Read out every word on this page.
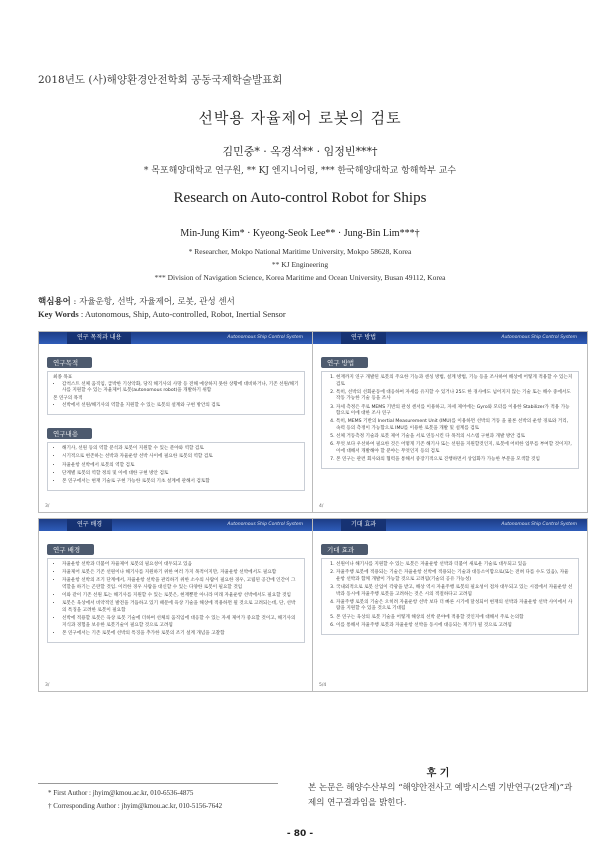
2018년도 (사)해양환경안전학회 공동국제학술발표회
선박용 자율제어 로봇의 검토
김민중* · 옥경석** · 임정빈***†
* 목포해양대학교 연구원, ** KJ 엔지니어링, *** 한국해양대학교 항해학부 교수
Research on Auto-control Robot for Ships
Min-Jung Kim* · Kyeong-Seok Lee** · Jung-Bin Lim***†
* Researcher, Mokpo National Maritime University, Mokpo 58628, Korea
** KJ Engineering
*** Division of Navigation Science, Korea Maritime and Ocean University, Busan 49112, Korea
핵심용어 : 자율운항, 선박, 자율제어, 로봇, 관성 센서
Key Words : Autonomous, Ship, Auto-controlled, Robot, Inertial Sensor
연구 목적과 내용	Autonomous Ship Control System
연구목적
최종 목표
• 감척스트 선체 움직임, 급박한 기상악화, 당직 해기사의 사망 등 전해 예상하지 못한 상황에 대비하거나, 기존 선원/해기사를 지원할 수 있는 자율제어 로봇(autonomous robot)을 개발하기 위함
본 연구의 목적
• 선박에서 선원/해기사의 역할을 지원할 수 있는 로봇의 설계와 구현 방안의 검토
연구내용
• 해기사, 선원 등의 역할 분석과 로봇이 지원할 수 있는 분야와 역할 검토
• 시기적으로 현존하는 선박과 자율운항 선박 사이에 필요한 로봇의 역할 검토
• 자율운항 선박에서 로봇의 역할 검토
• 단계별 로봇의 역할 정의 및 이에 대한 구현 방안 검토
• 본 연구에서는 현재 기술로 구현 가능한 로봇의 기초 설계에 관해서 검토함
3/
연구 방법	Autonomous Ship Control System
연구 방법
1. 현재까지 연구 개발된 로봇의 주요한 기능과 센싱 방법, 설계 방법, 기능 등을 조사하여 해상에 어떻게 적용할 수 있는지 검토
2. 특히, 선박의 선회운동에 대응하여 자세를 유지할 수 있거나 25도 한 경사에도 넘어지지 않는 기술 또는 해수 중에서도 작동 가능한 기술 등을 조사
3. 자세 측정은 주로 MEMS 기반의 관성 센서를 이용하고, 자세 제어에는 Gyro와 모터를 이용한 Stabilizer가 적용 가능함으로 이에 대한 조사 연구
4. 특히, MEMS 기반의 Inertial Measurement Unit (IMU)를 이용하면 선박의 거동 을 물론 선박의 운항 경로와 거리, 속력 등의 측정이 가능함으로 IMU를 이용한 로봇을 개발 및 설계를 검토
5. 선체 거동측정 기술과 로봇 제어 기술을 서로 연동시킨 다 목적의 시스템 구현과 개발 방안 검토
6. 무엇 보다 우선하여 필요한 것은 어떻게 기존 해기사 또는 선원을 지원할것인지, 로봇에 어떠한 업무를 부여할 것이지?, 이에 대해서 개발해야 할 분야는 무엇인지 등의 검토
7. 본 연구는 관련 회사와의 협력을 통해서 중장기적으로 진행하면서 상업화가 가능한 부분을 모색할 것임
4/
연구 배경	Autonomous Ship Control System
연구 배경
• 자율운항 선박과 더불어 자율제어 로봇의 필요성이 대두되고 있음
• 자율제어 로봇은 기존 선원이나 해기사를 지원하기 위한 여러 가지 목적이지만, 자율운항 선박에서도 필요함
• 자율운항 선박의 조기 단계에서, 자율운항 선박을 관리하기 위한 소수의 사람이 필요한 경우, 고립된 공간에 인간이 그 역할을 하기는 곤란할 것임. 이러한 경우 사람을 대신할 수 있는 다양한 로봇이 필요할 것임
• 이와 같이 기존 선원 또는 해기사를 지원할 수 있는 로봇은, 현재뿐만 아니라 미래 자율운항 선박에서도 필요할 것임
• 로봇은 육상에서 비약적인 발전을 거듭하고 있기 때문에 육상 기술을 해상에 적용하면 될 것으로 고려되는데, 단, 선박의 특징을 고려한 로봇이 필요함
• 선박에 적용할 로봇은 육상 로봇 기술에 더하여 선체의 움직임에 대응할 수 있는 자세 제어가 중요할 것이고, 해기사의 지식과 경험을 보유한 로봇기술이 필요할 것으로 고려됨
• 본 연구에서는 기존 로봇에 선박의 특징을 추가한 로봇의 조기 설계 개념을 고찰함
3/
기대 효과	Autonomous Ship Control System
기대 효과
1. 선원이나 해기사를 지원할 수 있는 로봇은 자율운항 선박과 더불어 새로운 기술로 대두되고 있음
2. 자율주행 로봇에 적용되는 기술은 자율운항 선박에 적용되는 기술과 대동소이함으로(또는 전혀 다를 수도 있음), 자율운항 선박과 함께 개발이 가능할 것으로 고려됨(기술의 공유 가능성)
3. 국내외적으로 로봇 산업이 각광을 받고, 해상 역시 자율주행 로봇의 필요성이 점차 대두되고 있는 시점에서 자율운항 선박과 동시에 자율주행 로봇을 고려하는 것은 시의 적절하다고 고려됨
4. 자율주행 로봇의 기술은 오히려 자율운항 선박 보다 더 빠른 시기에 달성되어 현재의 선박과 자율운항 선박 사이에서 사람을 지원할 수 있을 것으로 기대됨
5. 본 연구는 육상의 로봇 기술을 어떻게 해상의 선박 분야에 적용할 것인지에 대해서 주로 논의함
6. 이를 통해서 자율주행 로봇과 자율운항 선박을 동시에 대응되는 계기가 될 것으로 고려됨
5/4
* First Author : jhyim@kmou.ac.kr, 010-6536-4875
† Corresponding Author : jhyim@kmou.ac.kr, 010-5156-7642
후 기
본 논문은 해양수산부의 “해양안전사고 예방시스템 기반연구(2단계)”과제의 연구결과임을 밝힌다.
- 80 -
